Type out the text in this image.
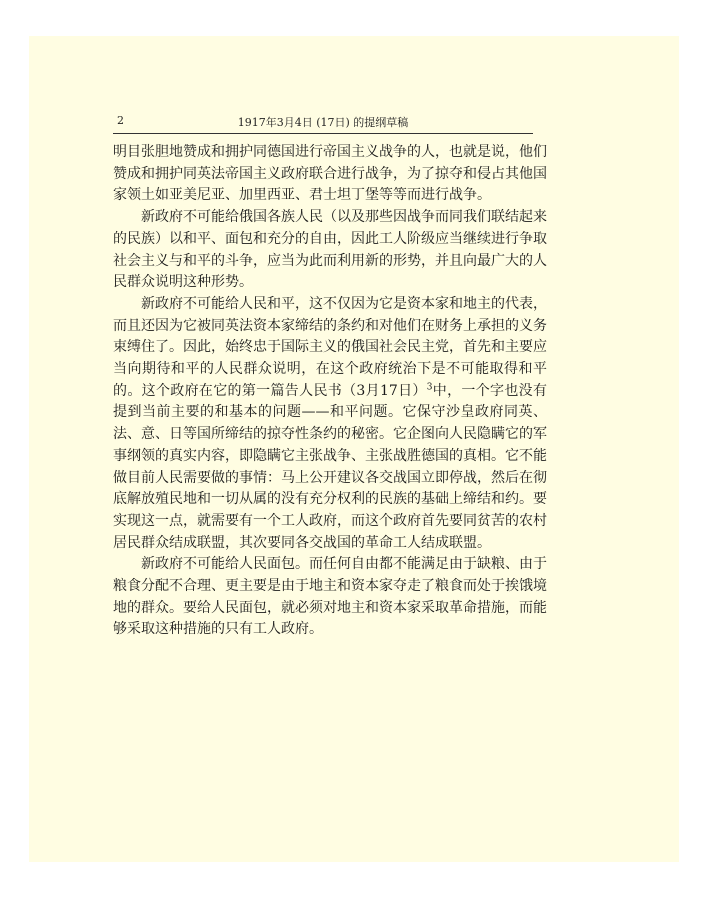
2	1917年3月4日 (17日) 的提纲草稿

明目张胆地赞成和拥护同德国进行帝国主义战争的人，也就是说，他们赞成和拥护同英法帝国主义政府联合进行战争，为了掠夺和侵占其他国家领土如亚美尼亚、加里西亚、君士坦丁堡等等而进行战争。

新政府不可能给俄国各族人民（以及那些因战争而同我们联结起来的民族）以和平、面包和充分的自由，因此工人阶级应当继续进行争取社会主义与和平的斗争，应当为此而利用新的形势，并且向最广大的人民群众说明这种形势。

新政府不可能给人民和平，这不仅因为它是资本家和地主的代表，而且还因为它被同英法资本家缔结的条约和对他们在财务上承担的义务束缚住了。因此，始终忠于国际主义的俄国社会民主党，首先和主要应当向期待和平的人民群众说明，在这个政府统治下是不可能取得和平的。这个政府在它的第一篇告人民书（3月17日）$^3$中，一个字也没有提到当前主要的和基本的问题——和平问题。它保守沙皇政府同英、法、意、日等国所缔结的掠夺性条约的秘密。它企图向人民隐瞒它的军事纲领的真实内容，即隐瞒它主张战争、主张战胜德国的真相。它不能做目前人民需要做的事情：马上公开建议各交战国立即停战，然后在彻底解放殖民地和一切从属的没有充分权利的民族的基础上缔结和约。要实现这一点，就需要有一个工人政府，而这个政府首先要同贫苦的农村居民群众结成联盟，其次要同各交战国的革命工人结成联盟。

新政府不可能给人民面包。而任何自由都不能满足由于缺粮、由于粮食分配不合理、更主要是由于地主和资本家夺走了粮食而处于挨饿境地的群众。要给人民面包，就必须对地主和资本家采取革命措施，而能够采取这种措施的只有工人政府。
